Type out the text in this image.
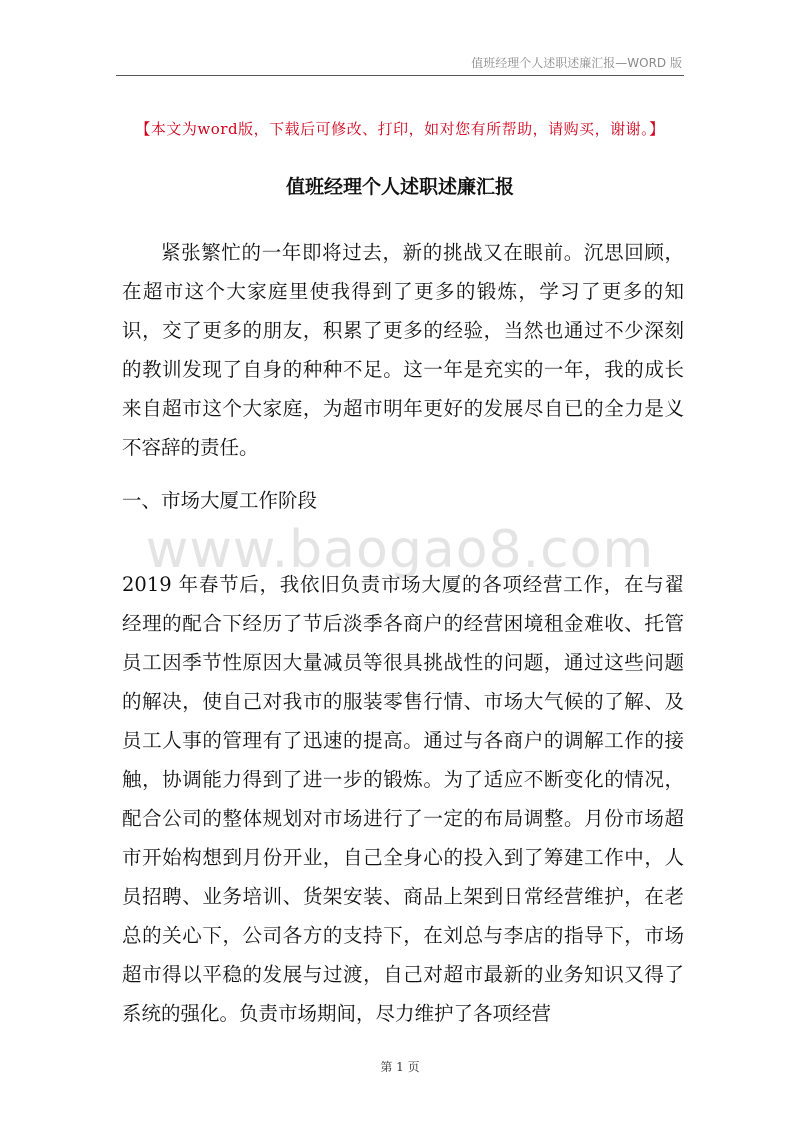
值班经理个人述职述廉汇报—WORD 版
【本文为word版，下载后可修改、打印，如对您有所帮助，请购买，谢谢。】
值班经理个人述职述廉汇报
紧张繁忙的一年即将过去，新的挑战又在眼前。沉思回顾，在超市这个大家庭里使我得到了更多的锻炼，学习了更多的知识，交了更多的朋友，积累了更多的经验，当然也通过不少深刻的教训发现了自身的种种不足。这一年是充实的一年，我的成长来自超市这个大家庭，为超市明年更好的发展尽自已的全力是义不容辞的责任。
一、市场大厦工作阶段
www.baogao8.com
2019 年春节后，我依旧负责市场大厦的各项经营工作，在与翟经理的配合下经历了节后淡季各商户的经营困境租金难收、托管员工因季节性原因大量减员等很具挑战性的问题，通过这些问题的解决，使自己对我市的服装零售行情、市场大气候的了解、及员工人事的管理有了迅速的提高。通过与各商户的调解工作的接触，协调能力得到了进一步的锻炼。为了适应不断变化的情况，配合公司的整体规划对市场进行了一定的布局调整。月份市场超市开始构想到月份开业，自己全身心的投入到了筹建工作中，人员招聘、业务培训、货架安装、商品上架到日常经营维护，在老总的关心下，公司各方的支持下，在刘总与李店的指导下，市场超市得以平稳的发展与过渡，自己对超市最新的业务知识又得了系统的强化。负责市场期间，尽力维护了各项经营
第 1 页
